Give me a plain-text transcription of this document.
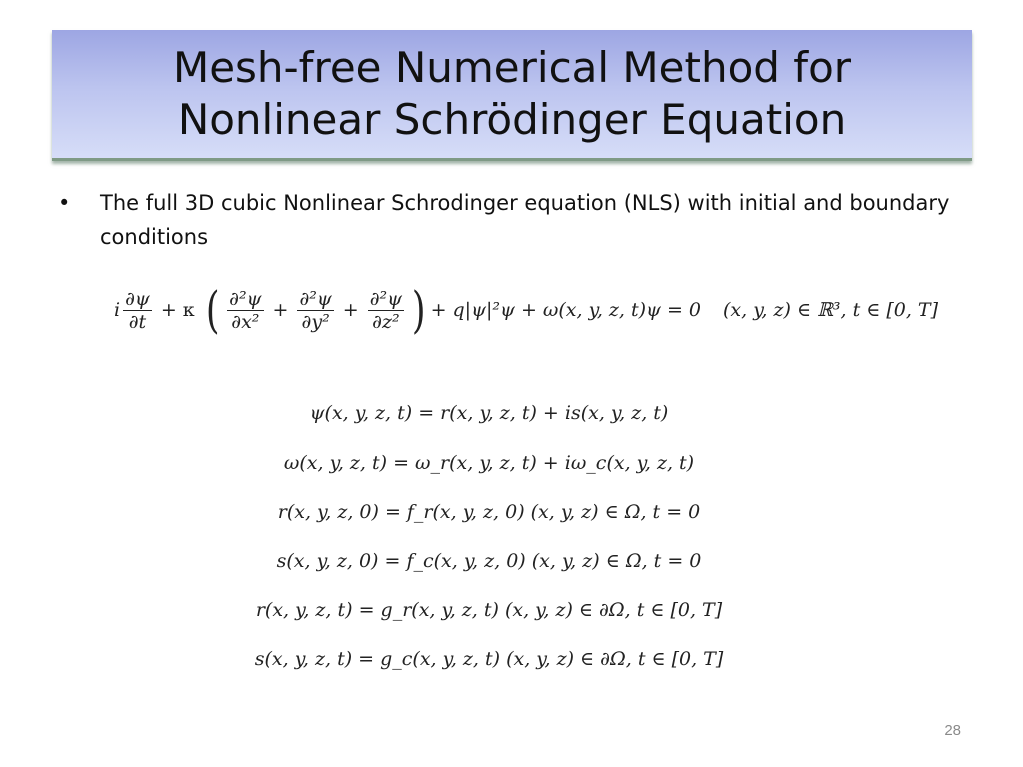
Mesh-free Numerical Method for
Nonlinear Schrödinger Equation
•	The full 3D cubic Nonlinear Schrodinger equation (NLS) with initial and boundary conditions
i $\frac{\partial\psi}{\partial t} + \kappa$ ( $\frac{\text{∂²ψ}}{\text{∂x²}} + \frac{\text{∂²ψ}}{\text{∂y²}} + \frac{\text{∂²ψ}}{\text{∂z²}}$ ) + q|ψ|²ψ + ω(x, y, z, t)ψ = 0 (x, y, z) ∈ ℝ³, t ∈ [0, T]
ψ(x, y, z, t) = r(x, y, z, t) + is(x, y, z, t)
ω(x, y, z, t) = ω_r(x, y, z, t) + iω_c(x, y, z, t)
r(x, y, z, 0) = f_r(x, y, z, 0) (x, y, z) ∈ Ω, t = 0
s(x, y, z, 0) = f_c(x, y, z, 0) (x, y, z) ∈ Ω, t = 0
r(x, y, z, t) = g_r(x, y, z, t) (x, y, z) ∈ ∂Ω, t ∈ [0, T]
s(x, y, z, t) = g_c(x, y, z, t) (x, y, z) ∈ ∂Ω, t ∈ [0, T]
28
